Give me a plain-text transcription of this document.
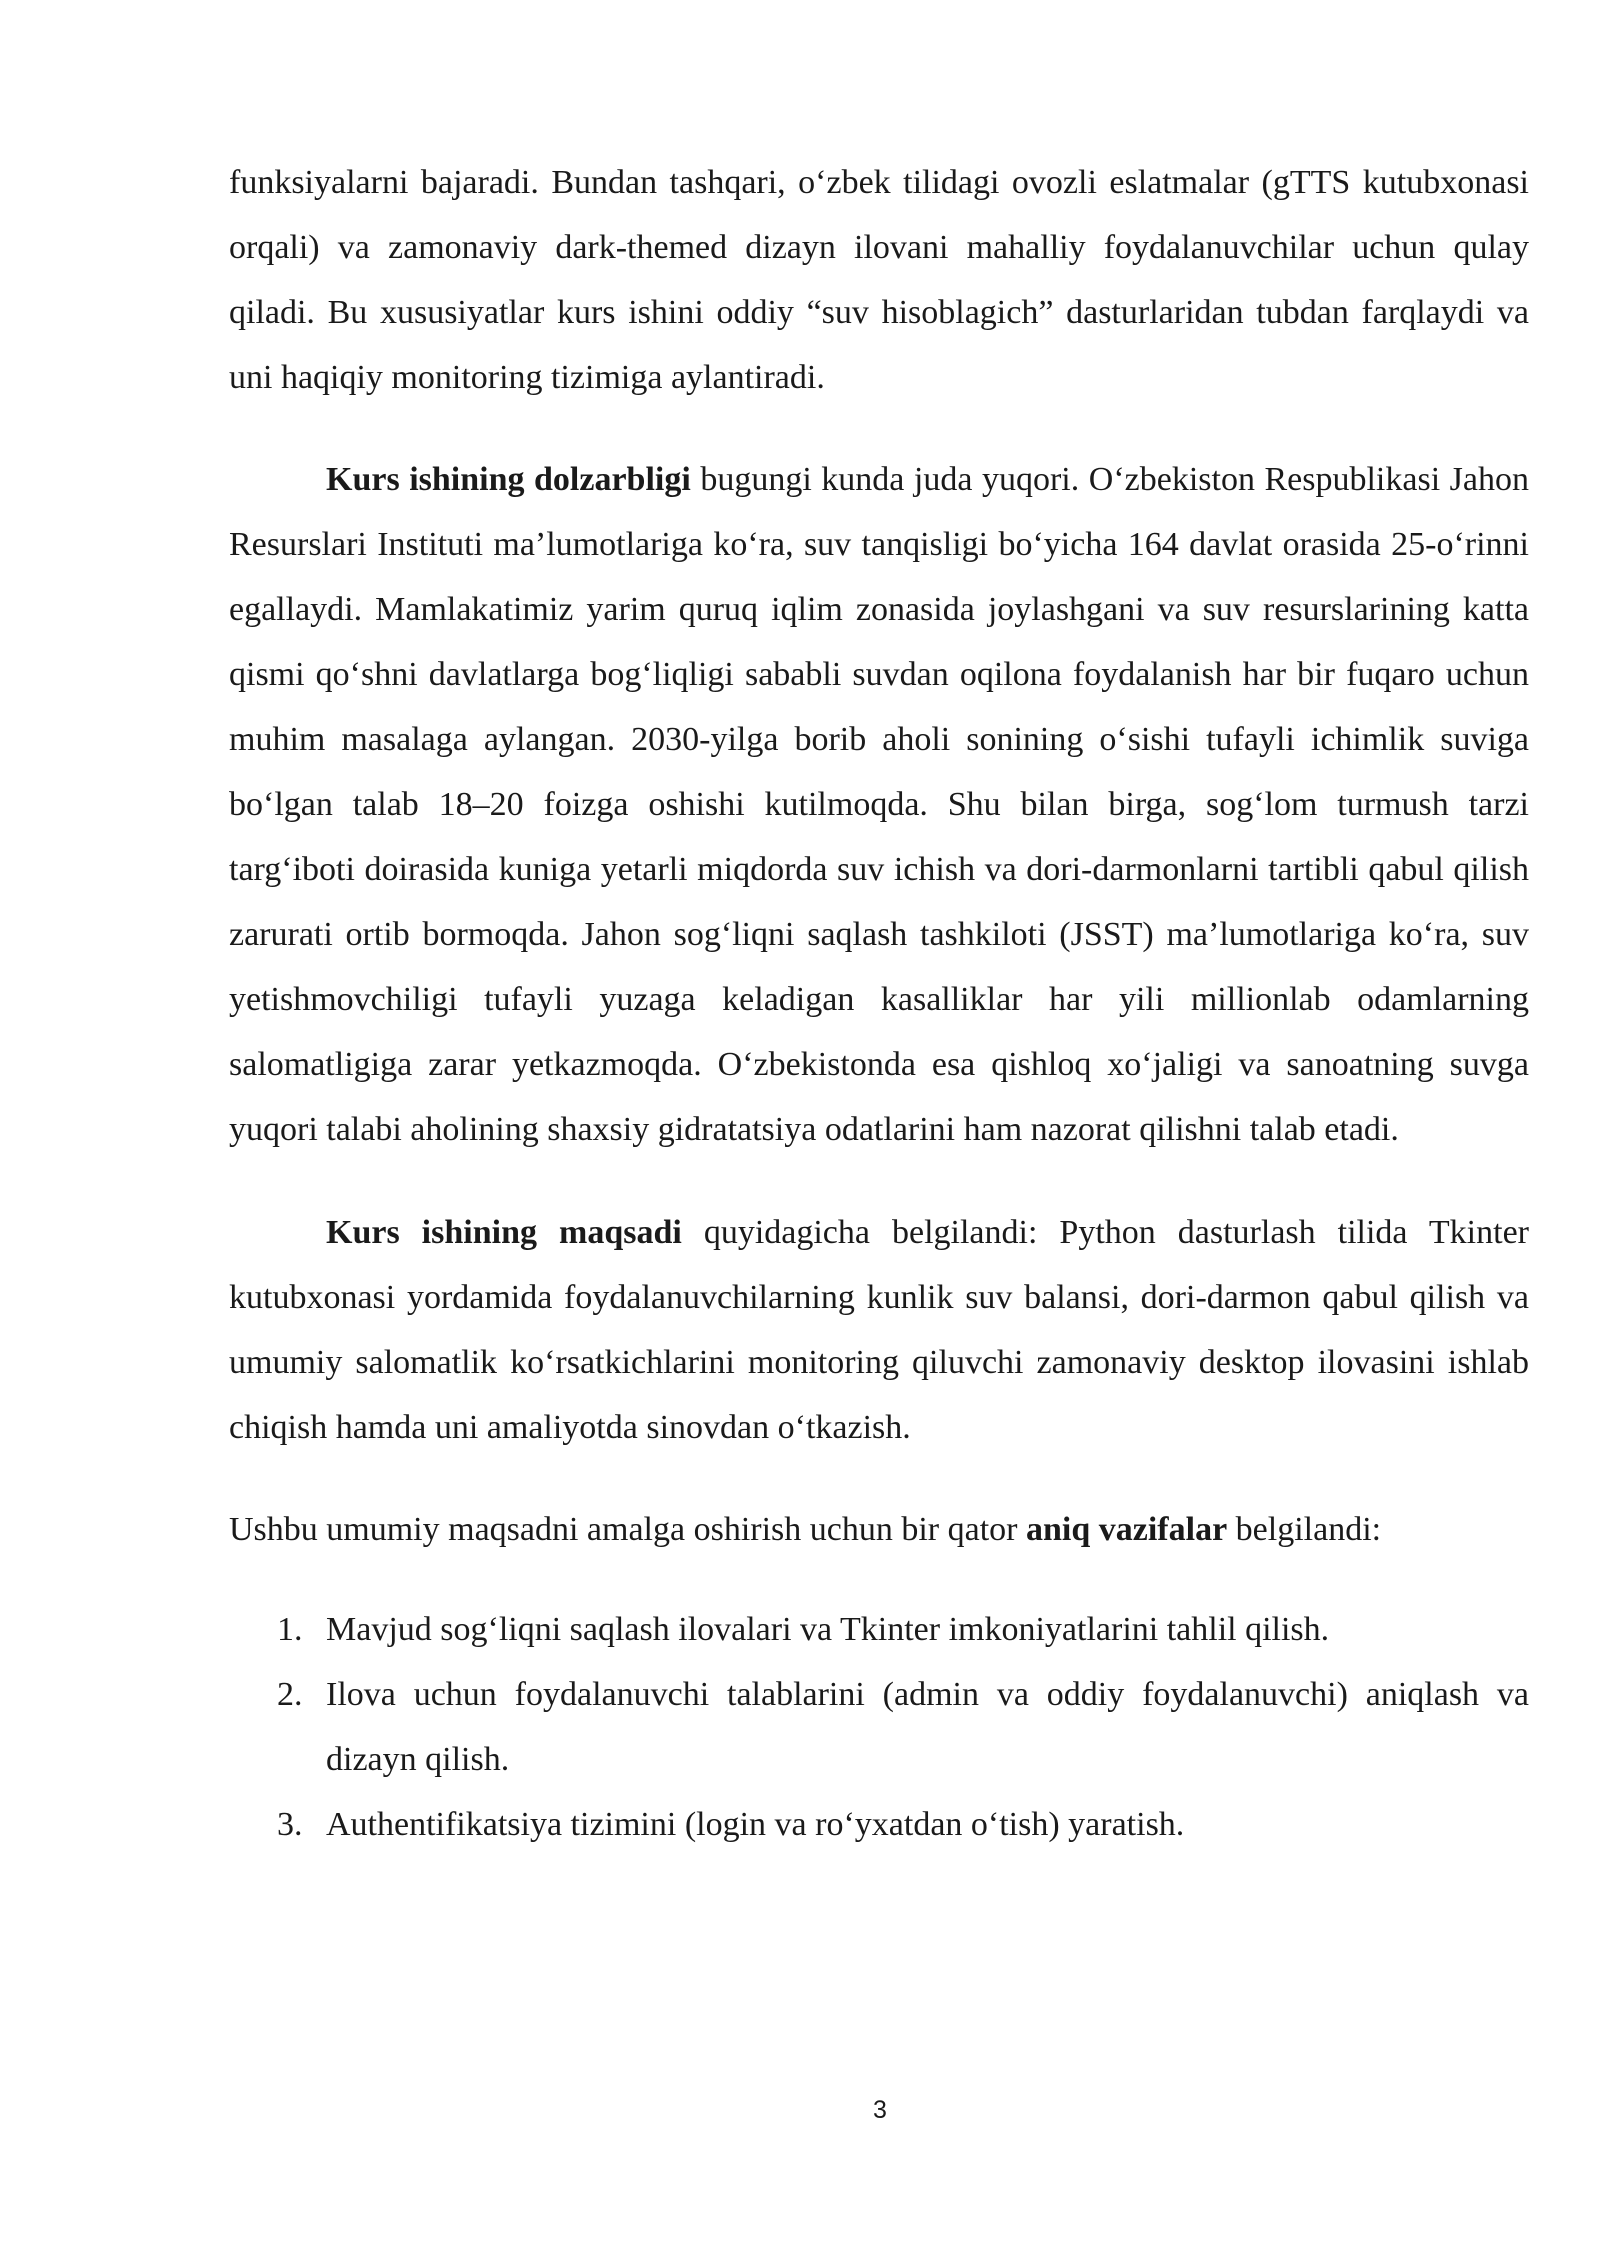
funksiyalarni bajaradi. Bundan tashqari, o‘zbek tilidagi ovozli eslatmalar (gTTS kutubxonasi orqali) va zamonaviy dark-themed dizayn ilovani mahalliy foydalanuvchilar uchun qulay qiladi. Bu xususiyatlar kurs ishini oddiy “suv hisoblagich” dasturlaridan tubdan farqlaydi va uni haqiqiy monitoring tizimiga aylantiradi.

Kurs ishining dolzarbligi bugungi kunda juda yuqori. O‘zbekiston Respublikasi Jahon Resurslari Instituti ma’lumotlariga ko‘ra, suv tanqisligi bo‘yicha 164 davlat orasida 25-o‘rinni egallaydi. Mamlakatimiz yarim quruq iqlim zonasida joylashgani va suv resurslarining katta qismi qo‘shni davlatlarga bog‘liqligi sababli suvdan oqilona foydalanish har bir fuqaro uchun muhim masalaga aylangan. 2030-yilga borib aholi sonining o‘sishi tufayli ichimlik suviga bo‘lgan talab 18–20 foizga oshishi kutilmoqda. Shu bilan birga, sog‘lom turmush tarzi targ‘iboti doirasida kuniga yetarli miqdorda suv ichish va dori-darmonlarni tartibli qabul qilish zarurati ortib bormoqda. Jahon sog‘liqni saqlash tashkiloti (JSST) ma’lumotlariga ko‘ra, suv yetishmovchiligi tufayli yuzaga keladigan kasalliklar har yili millionlab odamlarning salomatligiga zarar yetkazmoqda. O‘zbekistonda esa qishloq xo‘jaligi va sanoatning suvga yuqori talabi aholining shaxsiy gidratatsiya odatlarini ham nazorat qilishni talab etadi.

Kurs ishining maqsadi quyidagicha belgilandi: Python dasturlash tilida Tkinter kutubxonasi yordamida foydalanuvchilarning kunlik suv balansi, dori-darmon qabul qilish va umumiy salomatlik ko‘rsatkichlarini monitoring qiluvchi zamonaviy desktop ilovasini ishlab chiqish hamda uni amaliyotda sinovdan o‘tkazish.

Ushbu umumiy maqsadni amalga oshirish uchun bir qator aniq vazifalar belgilandi:

1. Mavjud sog‘liqni saqlash ilovalari va Tkinter imkoniyatlarini tahlil qilish.
2. Ilova uchun foydalanuvchi talablarini (admin va oddiy foydalanuvchi) aniqlash va dizayn qilish.
3. Authentifikatsiya tizimini (login va ro‘yxatdan o‘tish) yaratish.
3
